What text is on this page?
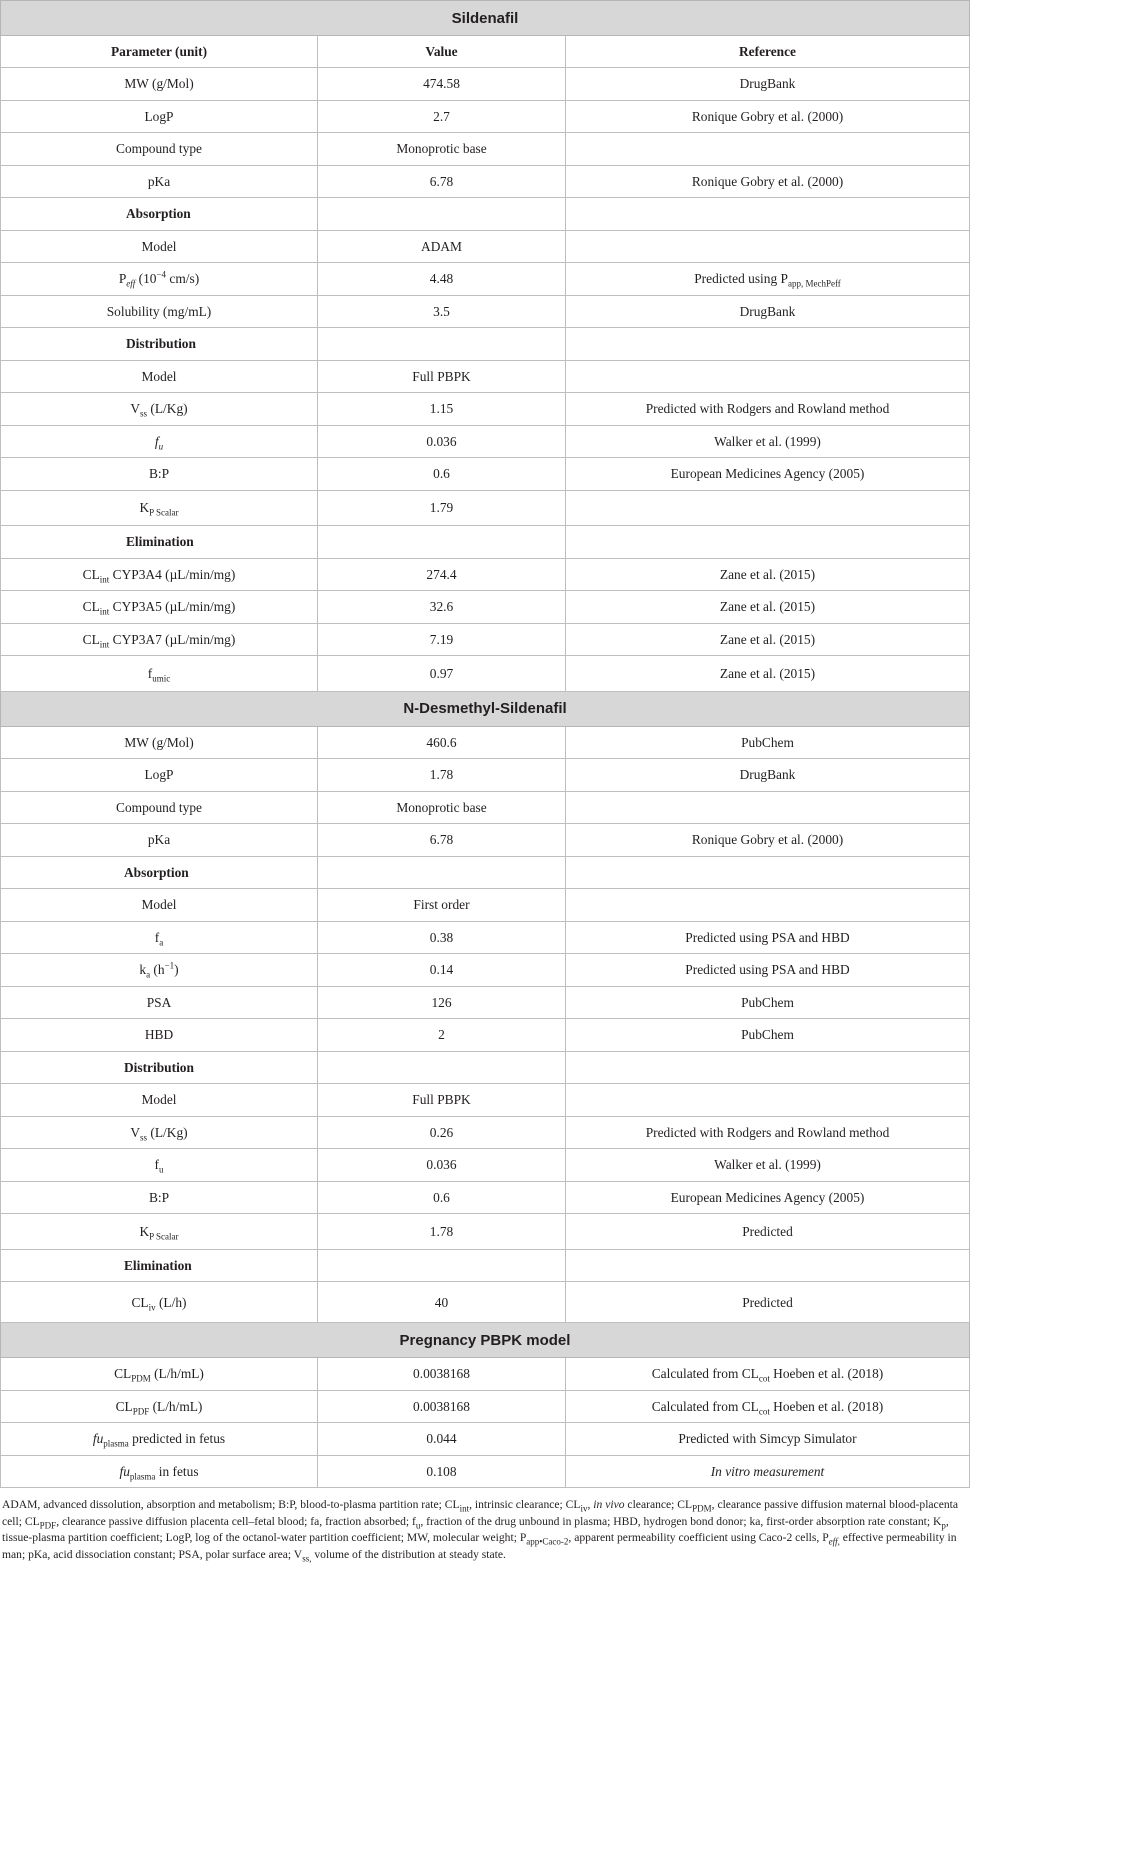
Sildenafil		
Parameter (unit)	Value	Reference
MW (g/Mol)	474.58	DrugBank
LogP	2.7	Ronique Gobry et al. (2000)
Compound type	Monoprotic base	
pKa	6.78	Ronique Gobry et al. (2000)
Absorption		
Model	ADAM	
$P_{eff}$ ($10^{-4}$ cm/s)	4.48	Predicted using $P_{app, MechPeff}$
Solubility (mg/mL)	3.5	DrugBank
Distribution		
Model	Full PBPK	
$V_{ss}$ (L/Kg)	1.15	Predicted with Rodgers and Rowland method
$f_u$	0.036	Walker et al. (1999)
B:P	0.6	European Medicines Agency (2005)
$K_{P Scalar}$	1.79	
Elimination		
$CL_{int}$ CYP3A4 (µL/min/mg)	274.4	Zane et al. (2015)
$CL_{int}$ CYP3A5 (µL/min/mg)	32.6	Zane et al. (2015)
$CL_{int}$ CYP3A7 (µL/min/mg)	7.19	Zane et al. (2015)
$f_{umic}$	0.97	Zane et al. (2015)
N-Desmethyl-Sildenafil		
MW (g/Mol)	460.6	PubChem
LogP	1.78	DrugBank
Compound type	Monoprotic base	
pKa	6.78	Ronique Gobry et al. (2000)
Absorption		
Model	First order	
$f_a$	0.38	Predicted using PSA and HBD
$k_a$ $(h^{-1})$	0.14	Predicted using PSA and HBD
PSA	126	PubChem
HBD	2	PubChem
Distribution		
Model	Full PBPK	
$V_{ss}$ (L/Kg)	0.26	Predicted with Rodgers and Rowland method
$f_u$	0.036	Walker et al. (1999)
B:P	0.6	European Medicines Agency (2005)
$K_{P Scalar}$	1.78	Predicted
Elimination		
$CL_{iv}$ (L/h)	40	Predicted
Pregnancy PBPK model		
$CL_{PDM}$ (L/h/mL)	0.0038168	Calculated from $CL_{cot}$ Hoeben et al. (2018)
$CL_{PDF}$ (L/h/mL)	0.0038168	Calculated from $CL_{cot}$ Hoeben et al. (2018)
$fu_{plasma}$ predicted in fetus	0.044	Predicted with Simcyp Simulator
$fu_{plasma}$ in fetus	0.108	In vitro measurement
ADAM, advanced dissolution, absorption and metabolism; B:P, blood-to-plasma partition rate; $CL_{int}$, intrinsic clearance; $CL_{iv}$, in vivo clearance; $CL_{PDM}$, clearance passive diffusion maternal blood-placenta cell; $CL_{PDF}$, clearance passive diffusion placenta cell–fetal blood; fa, fraction absorbed; $f_u$, fraction of the drug unbound in plasma; HBD, hydrogen bond donor; ka, first-order absorption rate constant; $K_p$, tissue-plasma partition coefficient; LogP, log of the octanol-water partition coefficient; MW, molecular weight; $P_{app•Caco-2}$, apparent permeability coefficient using Caco-2 cells, $P_{eff,}$ effective permeability in man; pKa, acid dissociation constant; PSA, polar surface area; $V_{ss,}$ volume of the distribution at steady state.
